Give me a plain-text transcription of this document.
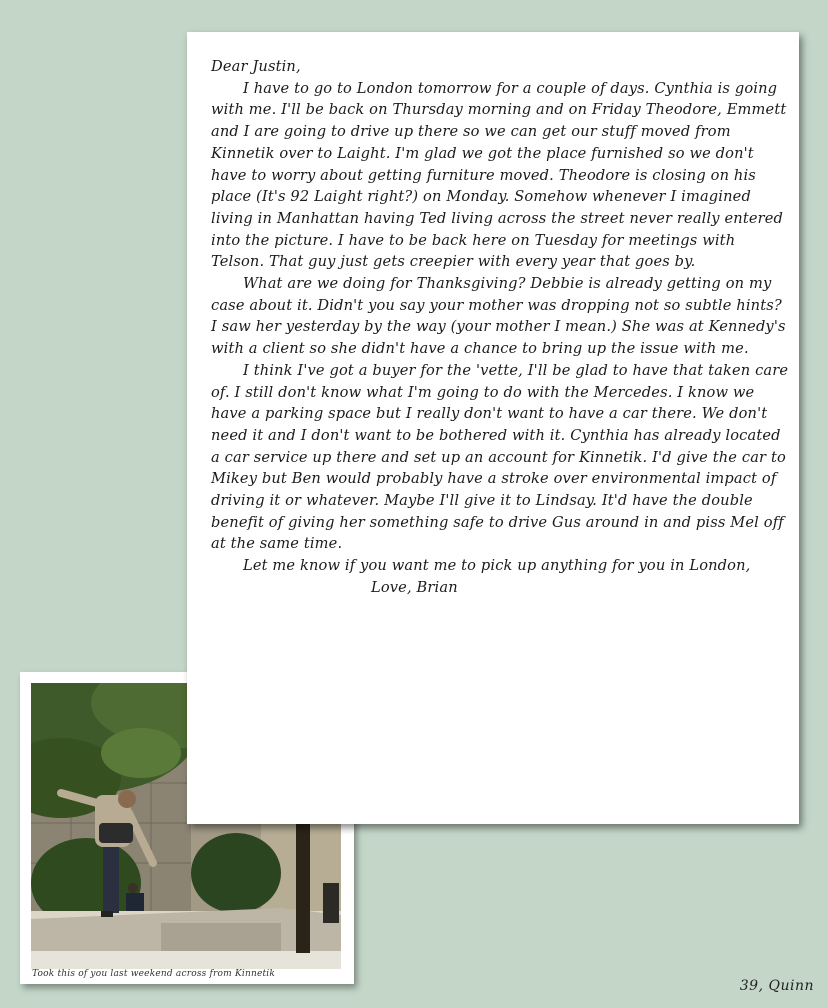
Took this of you last weekend across from Kinnetik

Dear Justin,

I have to go to London tomorrow for a couple of days. Cynthia is going with me. I'll be back on Thursday morning and on Friday Theodore, Emmett and I are going to drive up there so we can get our stuff moved from Kinnetik over to Laight. I'm glad we got the place furnished so we don't have to worry about getting furniture moved. Theodore is closing on his place (It's 92 Laight right?) on Monday. Somehow whenever I imagined living in Manhattan having Ted living across the street never really entered into the picture. I have to be back here on Tuesday for meetings with Telson. That guy just gets creepier with every year that goes by.

What are we doing for Thanksgiving? Debbie is already getting on my case about it. Didn't you say your mother was dropping not so subtle hints? I saw her yesterday by the way (your mother I mean.) She was at Kennedy's with a client so she didn't have a chance to bring up the issue with me.

I think I've got a buyer for the 'vette, I'll be glad to have that taken care of. I still don't know what I'm going to do with the Mercedes. I know we have a parking space but I really don't want to have a car there. We don't need it and I don't want to be bothered with it. Cynthia has already located a car service up there and set up an account for Kinnetik. I'd give the car to Mikey but Ben would probably have a stroke over environmental impact of driving it or whatever. Maybe I'll give it to Lindsay. It'd have the double benefit of giving her something safe to drive Gus around in and piss Mel off at the same time.

Let me know if you want me to pick up anything for you in London,

Love, Brian

39, Quinn
